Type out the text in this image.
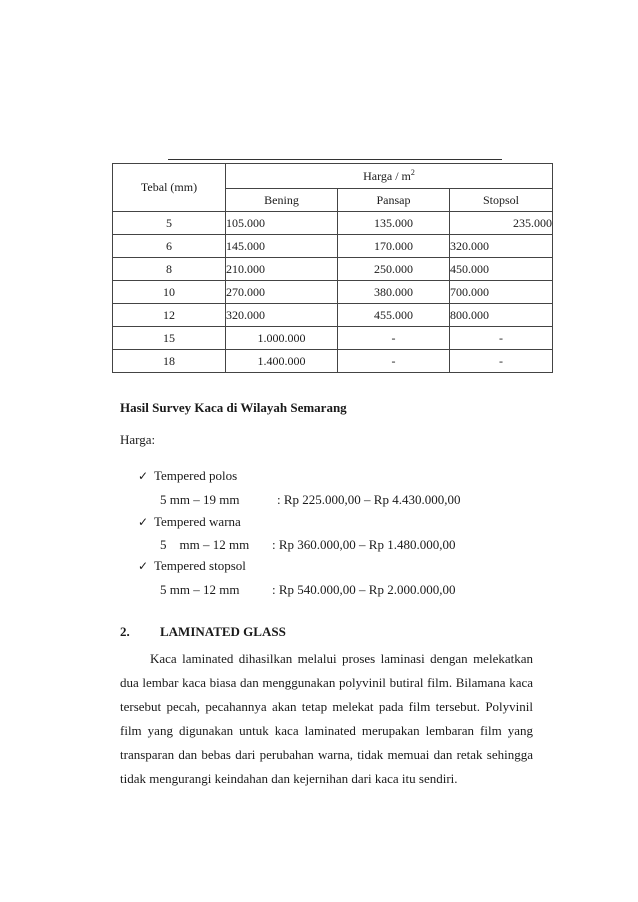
Tebal (mm)	Harga / $m^2$
	Bening	Pansap	Stopsol
5	105.000	135.000	235.000
6	145.000	170.000	320.000
8	210.000	250.000	450.000
10	270.000	380.000	700.000
12	320.000	455.000	800.000
15	1.000.000	-	-
18	1.400.000	-	-

Hasil Survey Kaca di Wilayah Semarang

Harga:

✓ Tempered polos
5 mm – 19 mm	: Rp 225.000,00 – Rp 4.430.000,00
✓ Tempered warna
5    mm – 12 mm : Rp 360.000,00 – Rp 1.480.000,00
✓ Tempered stopsol
5 mm – 12 mm	: Rp 540.000,00 – Rp 2.000.000,00
2. LAMINATED GLASS

Kaca laminated dihasilkan melalui proses laminasi dengan melekatkan dua lembar kaca biasa dan menggunakan polyvinil butiral film. Bilamana kaca tersebut pecah, pecahannya akan tetap melekat pada film tersebut. Polyvinil film yang digunakan untuk kaca laminated merupakan lembaran film yang transparan dan bebas dari perubahan warna, tidak memuai dan retak sehingga tidak mengurangi keindahan dan kejernihan dari kaca itu sendiri.
